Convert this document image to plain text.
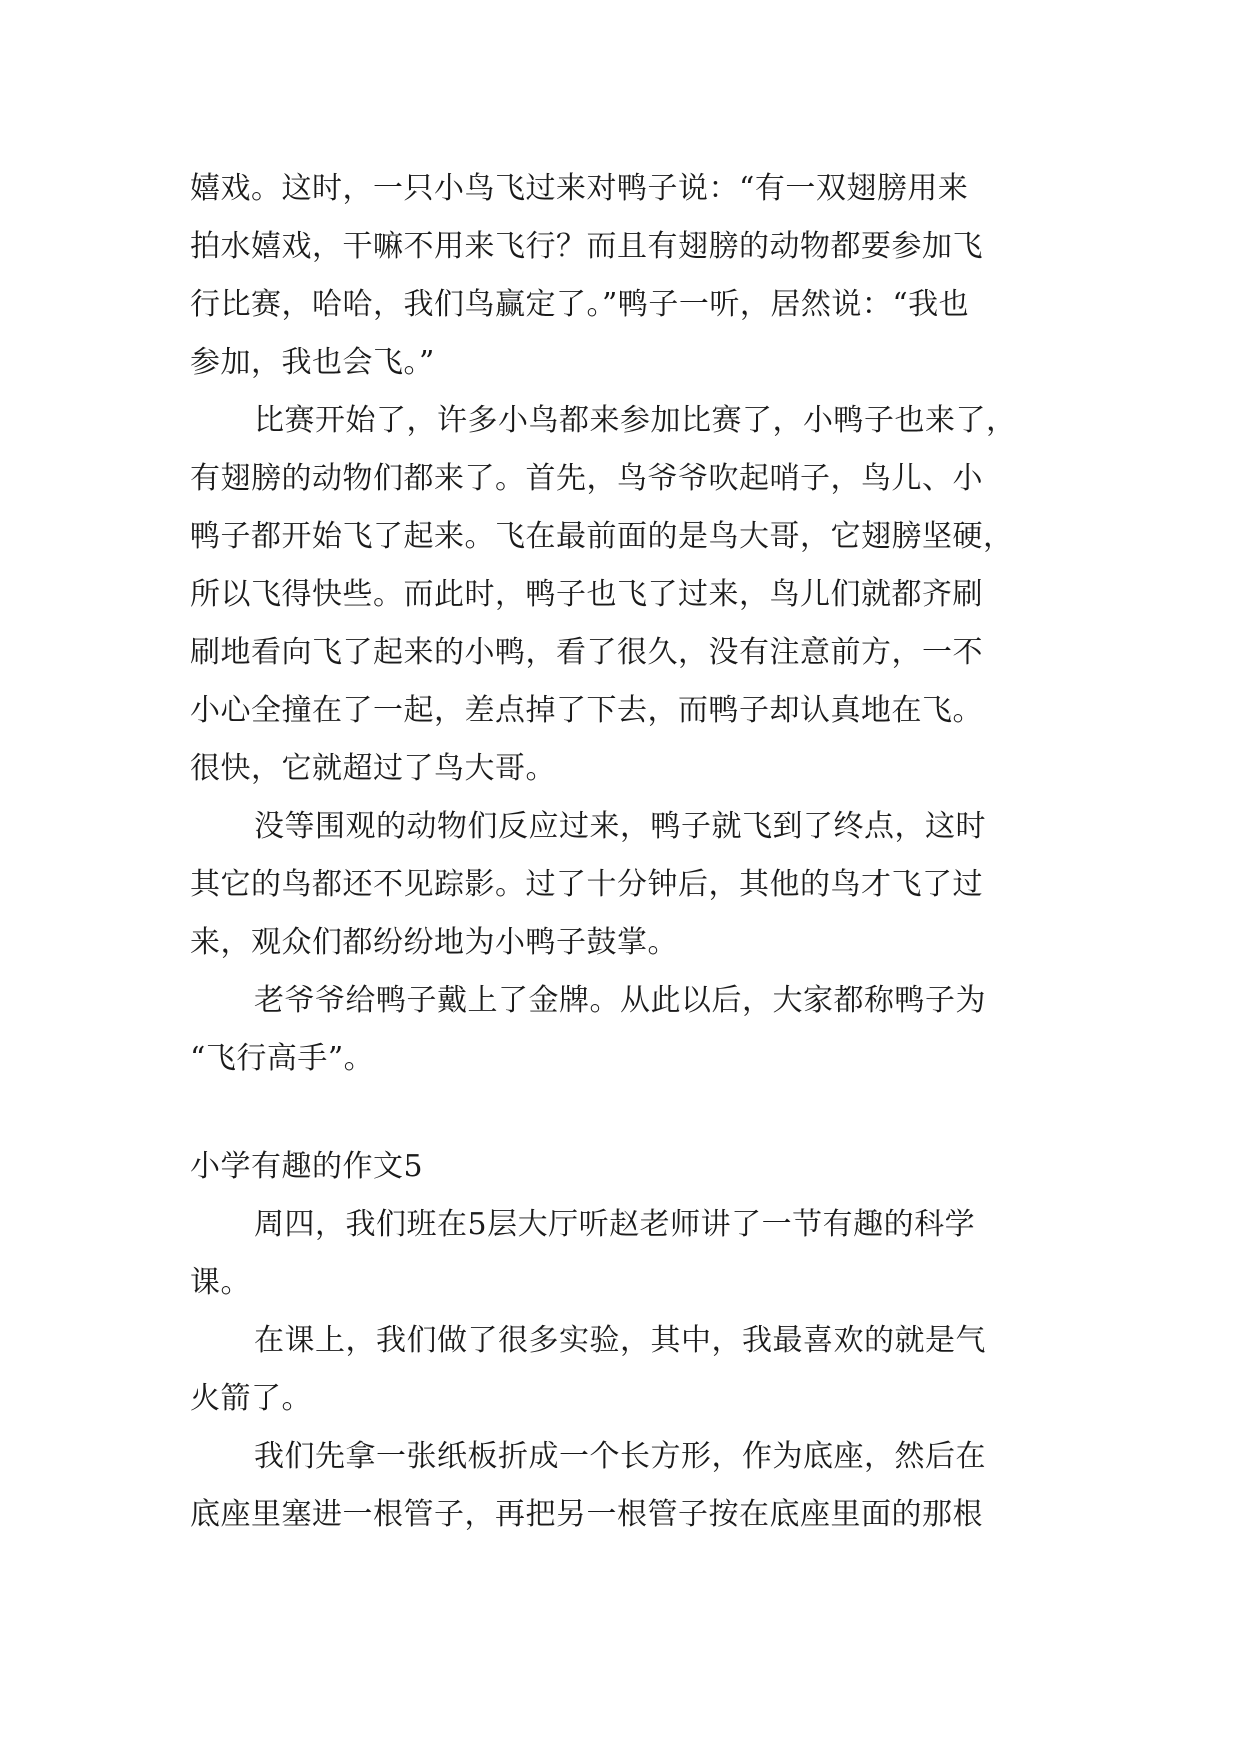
嬉戏。这时，一只小鸟飞过来对鸭子说：“有一双翅膀用来
拍水嬉戏，干嘛不用来飞行？而且有翅膀的动物都要参加飞
行比赛，哈哈，我们鸟赢定了。”鸭子一听，居然说：“我也
参加，我也会飞。”
比赛开始了，许多小鸟都来参加比赛了，小鸭子也来了，
有翅膀的动物们都来了。首先，鸟爷爷吹起哨子，鸟儿、小
鸭子都开始飞了起来。飞在最前面的是鸟大哥，它翅膀坚硬，
所以飞得快些。而此时，鸭子也飞了过来，鸟儿们就都齐刷
刷地看向飞了起来的小鸭，看了很久，没有注意前方，一不
小心全撞在了一起，差点掉了下去，而鸭子却认真地在飞。
很快，它就超过了鸟大哥。
没等围观的动物们反应过来，鸭子就飞到了终点，这时
其它的鸟都还不见踪影。过了十分钟后，其他的鸟才飞了过
来，观众们都纷纷地为小鸭子鼓掌。
老爷爷给鸭子戴上了金牌。从此以后，大家都称鸭子为
“飞行高手”。
小学有趣的作文5
周四，我们班在5层大厅听赵老师讲了一节有趣的科学
课。
在课上，我们做了很多实验，其中，我最喜欢的就是气
火箭了。
我们先拿一张纸板折成一个长方形，作为底座，然后在
底座里塞进一根管子，再把另一根管子按在底座里面的那根
